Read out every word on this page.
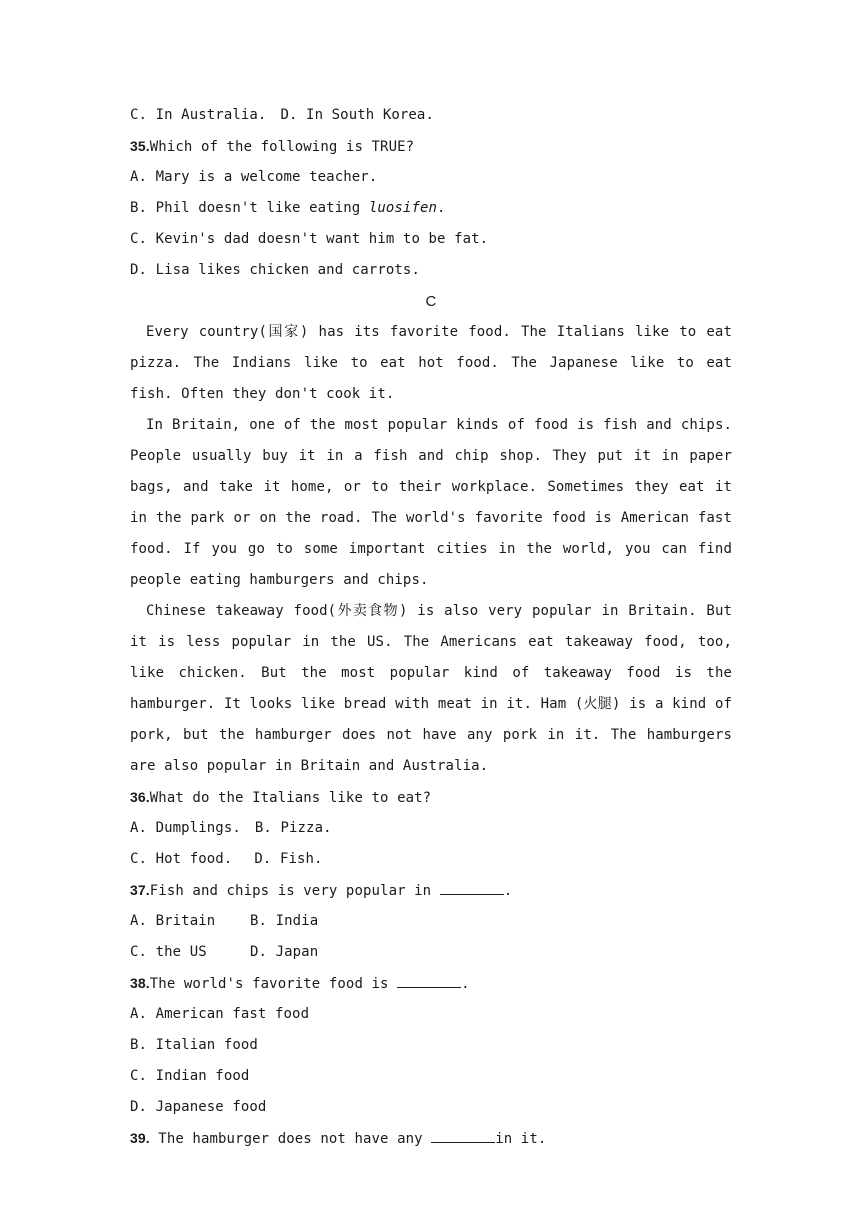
C. In Australia. D. In South Korea.
35.Which of the following is TRUE?
A. Mary is a welcome teacher.
B. Phil doesn't like eating luosifen.
C. Kevin's dad doesn't want him to be fat.
D. Lisa likes chicken and carrots.
C
Every country(国家) has its favorite food. The Italians like to eat pizza. The Indians like to eat hot food. The Japanese like to eat fish. Often they don't cook it.
In Britain, one of the most popular kinds of food is fish and chips. People usually buy it in a fish and chip shop. They put it in paper bags, and take it home, or to their workplace. Sometimes they eat it in the park or on the road. The world's favorite food is American fast food. If you go to some important cities in the world, you can find people eating hamburgers and chips.
Chinese takeaway food(外卖食物) is also very popular in Britain. But it is less popular in the US. The Americans eat takeaway food, too, like chicken. But the most popular kind of takeaway food is the hamburger. It looks like bread with meat in it. Ham (火腿) is a kind of pork, but the hamburger does not have any pork in it. The hamburgers are also popular in Britain and Australia.
36.What do the Italians like to eat?
A. Dumplings. B. Pizza.
C. Hot food. D. Fish.
37.Fish and chips is very popular in	.
A. Britain B. India
C. the US	D. Japan
38.The world's favorite food is	.
A. American fast food
B. Italian food
C. Indian food
D. Japanese food
39. The hamburger does not have any	in it.
